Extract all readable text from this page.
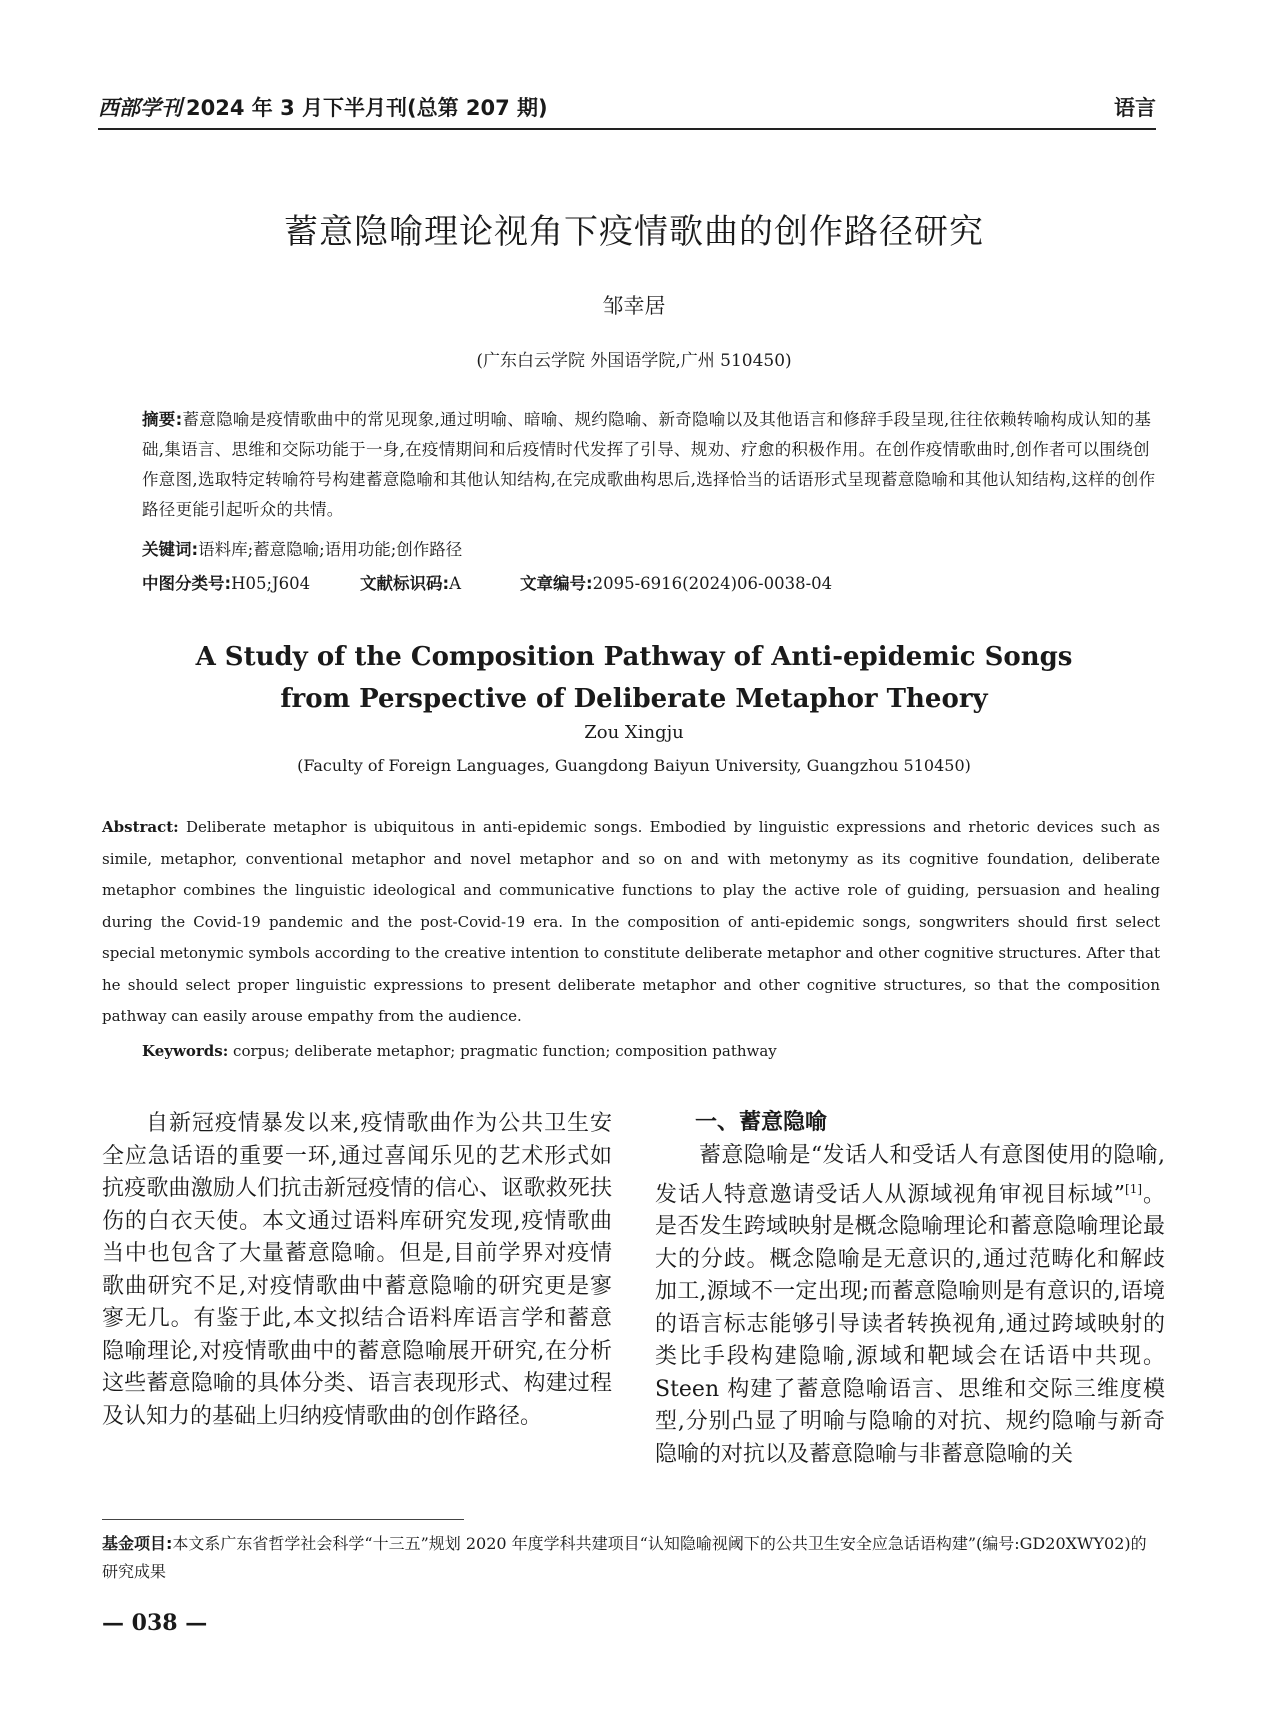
西部学刊 2024 年 3 月下半月刊(总第 207 期)	语言
蓄意隐喻理论视角下疫情歌曲的创作路径研究
邹幸居
(广东白云学院 外国语学院,广州 510450)
摘要:蓄意隐喻是疫情歌曲中的常见现象,通过明喻、暗喻、规约隐喻、新奇隐喻以及其他语言和修辞手段呈现,往往依赖转喻构成认知的基础,集语言、思维和交际功能于一身,在疫情期间和后疫情时代发挥了引导、规劝、疗愈的积极作用。在创作疫情歌曲时,创作者可以围绕创作意图,选取特定转喻符号构建蓄意隐喻和其他认知结构,在完成歌曲构思后,选择恰当的话语形式呈现蓄意隐喻和其他认知结构,这样的创作路径更能引起听众的共情。
关键词:语料库;蓄意隐喻;语用功能;创作路径
中图分类号:H05;J604	文献标识码:A	文章编号:2095-6916(2024)06-0038-04
A Study of the Composition Pathway of Anti-epidemic Songs
from Perspective of Deliberate Metaphor Theory
Zou Xingju
(Faculty of Foreign Languages, Guangdong Baiyun University, Guangzhou 510450)
Abstract: Deliberate metaphor is ubiquitous in anti-epidemic songs. Embodied by linguistic expressions and rhetoric devices such as simile, metaphor, conventional metaphor and novel metaphor and so on and with metonymy as its cognitive foundation, deliberate metaphor combines the linguistic ideological and communicative functions to play the active role of guiding, persuasion and healing during the Covid-19 pandemic and the post-Covid-19 era. In the composition of anti-epidemic songs, songwriters should first select special metonymic symbols according to the creative intention to constitute deliberate metaphor and other cognitive structures. After that he should select proper linguistic expressions to present deliberate metaphor and other cognitive structures, so that the composition pathway can easily arouse empathy from the audience.
Keywords: corpus; deliberate metaphor; pragmatic function; composition pathway

自新冠疫情暴发以来,疫情歌曲作为公共卫生安全应急话语的重要一环,通过喜闻乐见的艺术形式如抗疫歌曲激励人们抗击新冠疫情的信心、讴歌救死扶伤的白衣天使。本文通过语料库研究发现,疫情歌曲当中也包含了大量蓄意隐喻。但是,目前学界对疫情歌曲研究不足,对疫情歌曲中蓄意隐喻的研究更是寥寥无几。有鉴于此,本文拟结合语料库语言学和蓄意隐喻理论,对疫情歌曲中的蓄意隐喻展开研究,在分析这些蓄意隐喻的具体分类、语言表现形式、构建过程及认知力的基础上归纳疫情歌曲的创作路径。

一、蓄意隐喻

蓄意隐喻是“发话人和受话人有意图使用的隐喻,发话人特意邀请受话人从源域视角审视目标域”[1]。是否发生跨域映射是概念隐喻理论和蓄意隐喻理论最大的分歧。概念隐喻是无意识的,通过范畴化和解歧加工,源域不一定出现;而蓄意隐喻则是有意识的,语境的语言标志能够引导读者转换视角,通过跨域映射的类比手段构建隐喻,源域和靶域会在话语中共现。Steen 构建了蓄意隐喻语言、思维和交际三维度模型,分别凸显了明喻与隐喻的对抗、规约隐喻与新奇隐喻的对抗以及蓄意隐喻与非蓄意隐喻的关

基金项目:本文系广东省哲学社会科学“十三五”规划 2020 年度学科共建项目“认知隐喻视阈下的公共卫生安全应急话语构建”(编号:GD20XWY02)的研究成果
— 038 —
